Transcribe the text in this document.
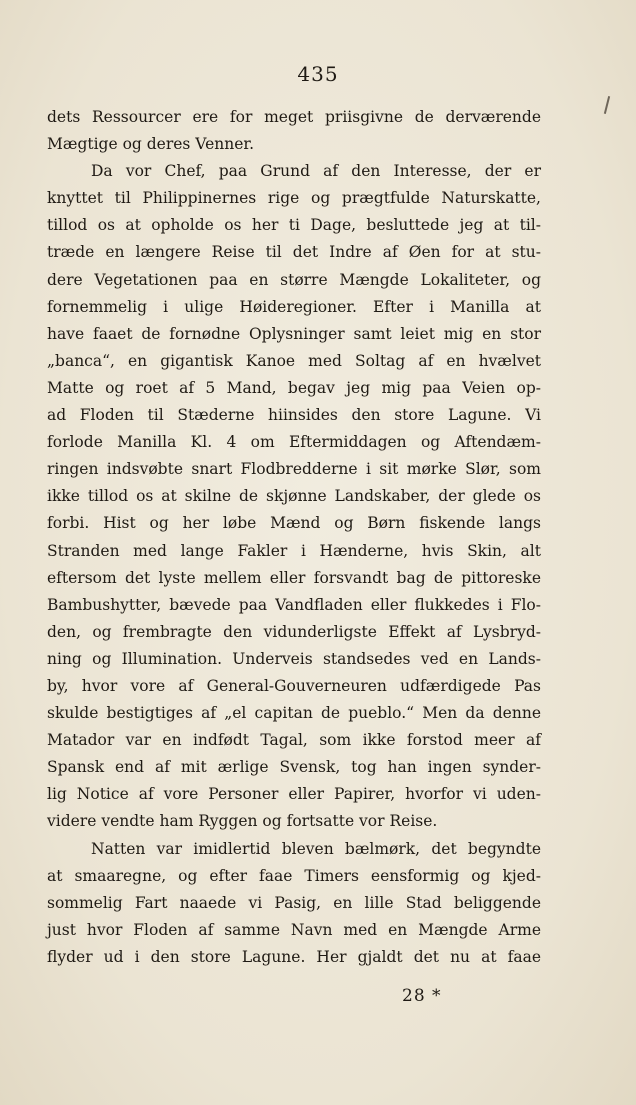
435
dets Ressourcer ere for meget priisgivne de derværende
Mægtige og deres Venner.
Da vor Chef, paa Grund af den Interesse, der er
knyttet til Philippinernes rige og prægtfulde Naturskatte,
tillod os at opholde os her ti Dage, besluttede jeg at til-
træde en længere Reise til det Indre af Øen for at stu-
dere Vegetationen paa en større Mængde Lokaliteter, og
fornemmelig i ulige Høideregioner. Efter i Manilla at
have faaet de fornødne Oplysninger samt leiet mig en stor
„banca“, en gigantisk Kanoe med Soltag af en hvælvet
Matte og roet af 5 Mand, begav jeg mig paa Veien op-
ad Floden til Stæderne hiinsides den store Lagune. Vi
forlode Manilla Kl. 4 om Eftermiddagen og Aftendæm-
ringen indsvøbte snart Flodbredderne i sit mørke Slør, som
ikke tillod os at skilne de skjønne Landskaber, der glede os
forbi. Hist og her løbe Mænd og Børn fiskende langs
Stranden med lange Fakler i Hænderne, hvis Skin, alt
eftersom det lyste mellem eller forsvandt bag de pittoreske
Bambushytter, bævede paa Vandfladen eller flukkedes i Flo-
den, og frembragte den vidunderligste Effekt af Lysbryd-
ning og Illumination. Underveis standsedes ved en Lands-
by, hvor vore af General-Gouverneuren udfærdigede Pas
skulde bestigtiges af „el capitan de pueblo.“ Men da denne
Matador var en indfødt Tagal, som ikke forstod meer af
Spansk end af mit ærlige Svensk, tog han ingen synder-
lig Notice af vore Personer eller Papirer, hvorfor vi uden-
videre vendte ham Ryggen og fortsatte vor Reise.
Natten var imidlertid bleven bælmørk, det begyndte
at smaaregne, og efter faae Timers eensformig og kjed-
sommelig Fart naaede vi Pasig, en lille Stad beliggende
just hvor Floden af samme Navn med en Mængde Arme
flyder ud i den store Lagune. Her gjaldt det nu at faae
28 *
